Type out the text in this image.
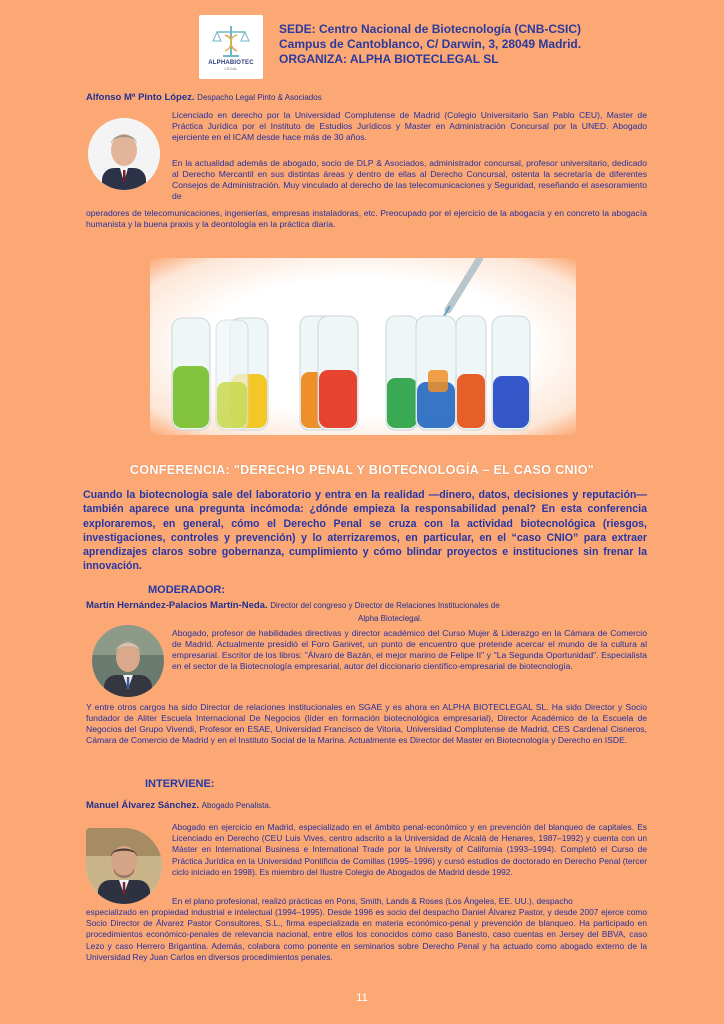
ALPHABIOTEC
LEGAL
SEDE: Centro Nacional de Biotecnología (CNB-CSIC)
Campus de Cantoblanco, C/ Darwin, 3, 28049 Madrid.
ORGANIZA: ALPHA BIOTECLEGAL SL
Alfonso Mª Pinto López. Despacho Legal Pinto & Asociados
Licenciado en derecho por la Universidad Complutense de Madrid (Colegio Universitario San Pablo CEU), Master de Práctica Jurídica por el Instituto de Estudios Jurídicos y Master en Administración Concursal por la UNED. Abogado ejerciente en el ICAM desde hace más de 30 años.
En la actualidad además de abogado, socio de DLP & Asociados, administrador concursal, profesor universitario, dedicado al Derecho Mercantil en sus distintas áreas y dentro de ellas al Derecho Concursal, ostenta la secretaría de diferentes Consejos de Administración. Muy vinculado al derecho de las telecomunicaciones y Seguridad, reseñando el asesoramiento de
operadores de telecomunicaciones, ingenierías, empresas instaladoras, etc. Preocupado por el ejercicio de la abogacía y en concreto la abogacía humanista y la buena praxis y la deontología en la práctica diaria.
CONFERENCIA: "DERECHO PENAL Y BIOTECNOLOGÍA – EL CASO CNIO"
Cuando la biotecnología sale del laboratorio y entra en la realidad —dinero, datos, decisiones y reputación— también aparece una pregunta incómoda: ¿dónde empieza la responsabilidad penal? En esta conferencia exploraremos, en general, cómo el Derecho Penal se cruza con la actividad biotecnológica (riesgos, investigaciones, controles y prevención) y lo aterrizaremos, en particular, en el “caso CNIO” para extraer aprendizajes claros sobre gobernanza, cumplimiento y cómo blindar proyectos e instituciones sin frenar la innovación.
MODERADOR:
Martín Hernández-Palacios Martín-Neda. Director del congreso y Director de Relaciones Institucionales de
Alpha Bioteclegal.
Abogado, profesor de habilidades directivas y director académico del Curso Mujer & Liderazgo en la Cámara de Comercio de Madrid. Actualmente presidió el Foro Ganivet, un punto de encuentro que pretende acercar el mundo de la cultura al empresarial. Escritor de los libros: "Álvaro de Bazán, el mejor marino de Felipe II" y "La Segunda Oportunidad". Especialista en el sector de la Biotecnología empresarial, autor del diccionario científico-empresarial de biotecnología.
Y entre otros cargos ha sido Director de relaciones institucionales en SGAE y es ahora en ALPHA BIOTECLEGAL SL. Ha sido Director y Socio fundador de Aliter Escuela Internacional De Negocios (líder en formación biotecnológica empresarial), Director Académico de la Escuela de Negocios del Grupo Vivendi, Profesor en ESAE, Universidad Francisco de Vitoria, Universidad Complutense de Madrid, CES Cardenal Cisneros, Cámara de Comercio de Madrid y en el Instituto Social de la Marina. Actualmente es Director del Master en Biotecnología y Derecho en ISDE.
INTERVIENE:
Manuel Álvarez Sánchez. Abogado Penalista.
Abogado en ejercicio en Madrid, especializado en el ámbito penal-económico y en prevención del blanqueo de capitales. Es Licenciado en Derecho (CEU Luis Vives, centro adscrito a la Universidad de Alcalá de Henares, 1987–1992) y cuenta con un Máster en International Business e International Trade por la University of California (1993–1994). Completó el Curso de Práctica Jurídica en la Universidad Pontificia de Comillas (1995–1996) y cursó estudios de doctorado en Derecho Penal (tercer ciclo iniciado en 1998). Es miembro del Ilustre Colegio de Abogados de Madrid desde 1992.
En el plano profesional, realizó prácticas en Pons, Smith, Lands & Roses (Los Ángeles, EE. UU.), despacho
especializado en propiedad industrial e intelectual (1994–1995). Desde 1996 es socio del despacho Daniel Álvarez Pastor, y desde 2007 ejerce como Socio Director de Álvarez Pastor Consultores, S.L., firma especializada en materia económico-penal y prevención de blanqueo. Ha participado en procedimientos económico-penales de relevancia nacional, entre ellos los conocidos como caso Banesto, caso cuentas en Jersey del BBVA, caso Lezo y caso Herrero Brigantina. Además, colabora como ponente en seminarios sobre Derecho Penal y ha actuado como abogado externo de la Universidad Rey Juan Carlos en diversos procedimientos penales.
11
